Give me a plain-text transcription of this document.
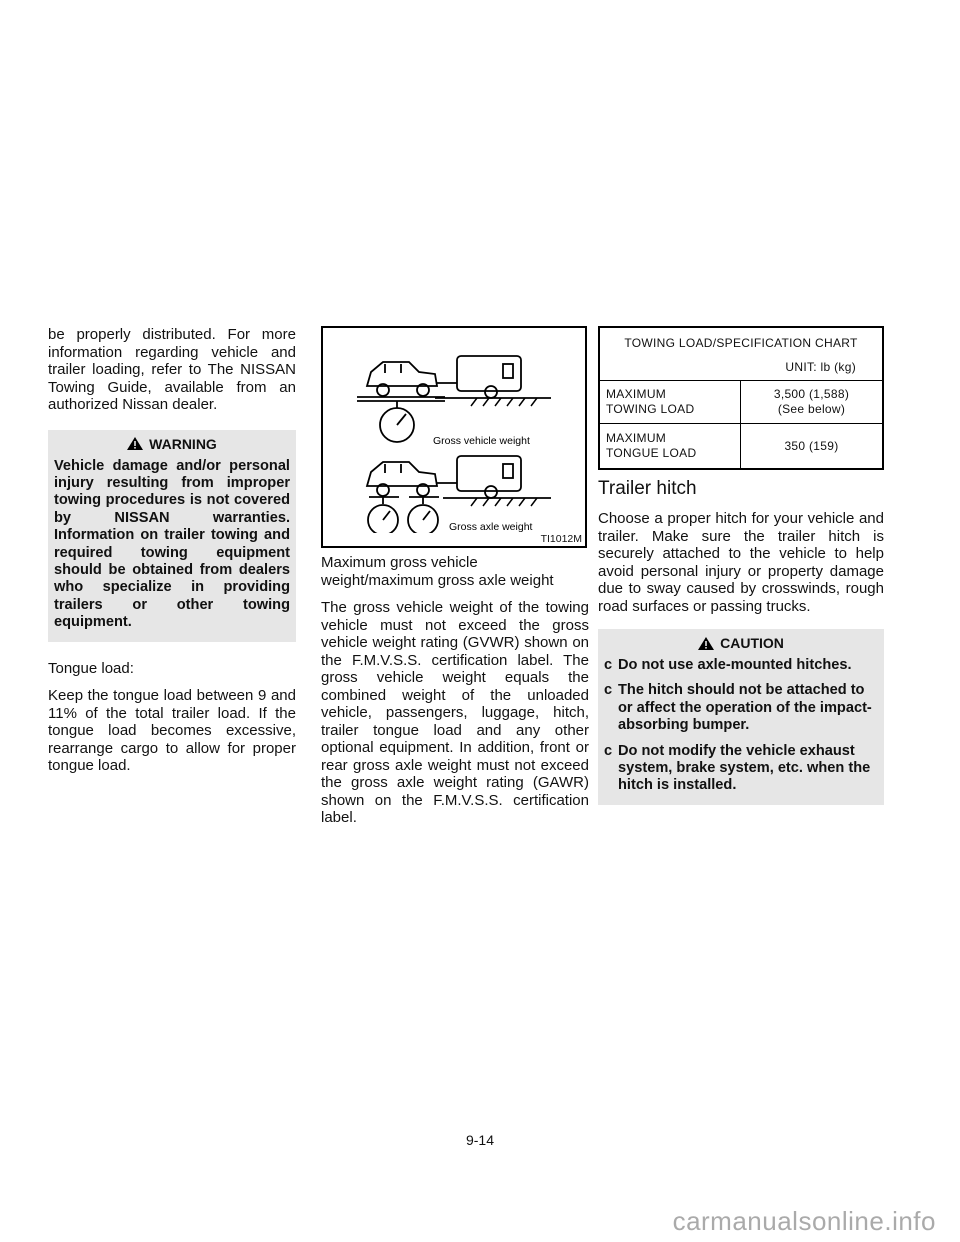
be properly distributed. For more information regarding vehicle and trailer loading, refer to The NISSAN Towing Guide, available from an authorized Nissan dealer.

WARNING
Vehicle damage and/or personal injury resulting from improper towing procedures is not covered by NISSAN warranties. Information on trailer towing and required towing equipment should be obtained from dealers who specialize in providing trailers or other towing equipment.

Tongue load:

Keep the tongue load between 9 and 11% of the total trailer load. If the tongue load becomes excessive, rearrange cargo to allow for proper tongue load.

Gross vehicle weight
Gross axle weight
TI1012M

Maximum gross vehicle weight/maximum gross axle weight

The gross vehicle weight of the towing vehicle must not exceed the gross vehicle weight rating (GVWR) shown on the F.M.V.S.S. certification label. The gross vehicle weight equals the combined weight of the unloaded vehicle, passengers, luggage, hitch, trailer tongue load and any other optional equipment. In addition, front or rear gross axle weight must not exceed the gross axle weight rating (GAWR) shown on the F.M.V.S.S. certification label.

TOWING LOAD/SPECIFICATION CHART
UNIT: lb (kg)	

MAXIMUM
TOWING LOAD	3,500 (1,588)
(See below)
MAXIMUM
TONGUE LOAD	350 (159)
Trailer hitch

Choose a proper hitch for your vehicle and trailer. Make sure the trailer hitch is securely attached to the vehicle to help avoid personal injury or property damage due to sway caused by crosswinds, rough road surfaces or passing trucks.

CAUTION
c Do not use axle-mounted hitches.
c The hitch should not be attached to or affect the operation of the impact-absorbing bumper.
c Do not modify the vehicle exhaust system, brake system, etc. when the hitch is installed.
9-14
carmanualsonline.info
